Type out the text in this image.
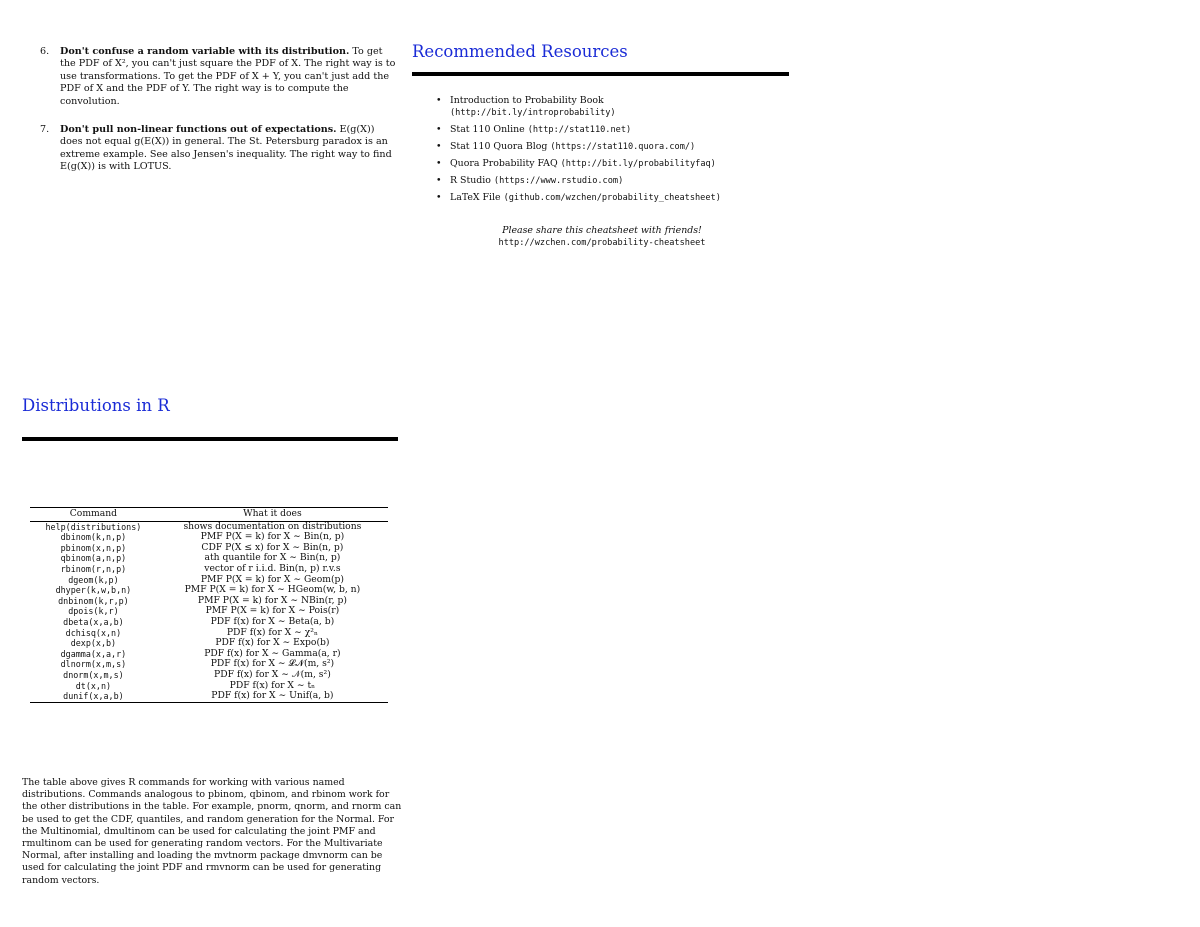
6. Don't confuse a random variable with its distribution. To get the PDF of X², you can't just square the PDF of X. The right way is to use transformations. To get the PDF of X + Y, you can't just add the PDF of X and the PDF of Y. The right way is to compute the convolution.
7. Don't pull non-linear functions out of expectations. E(g(X)) does not equal g(E(X)) in general. The St. Petersburg paradox is an extreme example. See also Jensen's inequality. The right way to find E(g(X)) is with LOTUS.
Recommended Resources
• Introduction to Probability Book
(http://bit.ly/introprobability)
• Stat 110 Online (http://stat110.net)
• Stat 110 Quora Blog (https://stat110.quora.com/)
• Quora Probability FAQ (http://bit.ly/probabilityfaq)
• R Studio (https://www.rstudio.com)
• LaTeX File (github.com/wzchen/probability_cheatsheet)
Please share this cheatsheet with friends!
http://wzchen.com/probability-cheatsheet
Distributions in R
Command	What it does
help(distributions)	shows documentation on distributions
dbinom(k,n,p)	PMF P(X = k) for X ∼ Bin(n, p)
pbinom(x,n,p)	CDF P(X ≤ x) for X ∼ Bin(n, p)
qbinom(a,n,p)	ath quantile for X ∼ Bin(n, p)
rbinom(r,n,p)	vector of r i.i.d. Bin(n, p) r.v.s
dgeom(k,p)	PMF P(X = k) for X ∼ Geom(p)
dhyper(k,w,b,n)	PMF P(X = k) for X ∼ HGeom(w, b, n)
dnbinom(k,r,p)	PMF P(X = k) for X ∼ NBin(r, p)
dpois(k,r)	PMF P(X = k) for X ∼ Pois(r)
dbeta(x,a,b)	PDF f(x) for X ∼ Beta(a, b)
dchisq(x,n)	PDF f(x) for X ∼ χ²ₙ
dexp(x,b)	PDF f(x) for X ∼ Expo(b)
dgamma(x,a,r)	PDF f(x) for X ∼ Gamma(a, r)
dlnorm(x,m,s)	PDF f(x) for X ∼ 𝓛𝓝(m, s²)
dnorm(x,m,s)	PDF f(x) for X ∼ 𝒩(m, s²)
dt(x,n)	PDF f(x) for X ∼ tₙ
dunif(x,a,b)	PDF f(x) for X ∼ Unif(a, b)
The table above gives R commands for working with various named distributions. Commands analogous to pbinom, qbinom, and rbinom work for the other distributions in the table. For example, pnorm, qnorm, and rnorm can be used to get the CDF, quantiles, and random generation for the Normal. For the Multinomial, dmultinom can be used for calculating the joint PMF and rmultinom can be used for generating random vectors. For the Multivariate Normal, after installing and loading the mvtnorm package dmvnorm can be used for calculating the joint PDF and rmvnorm can be used for generating random vectors.
